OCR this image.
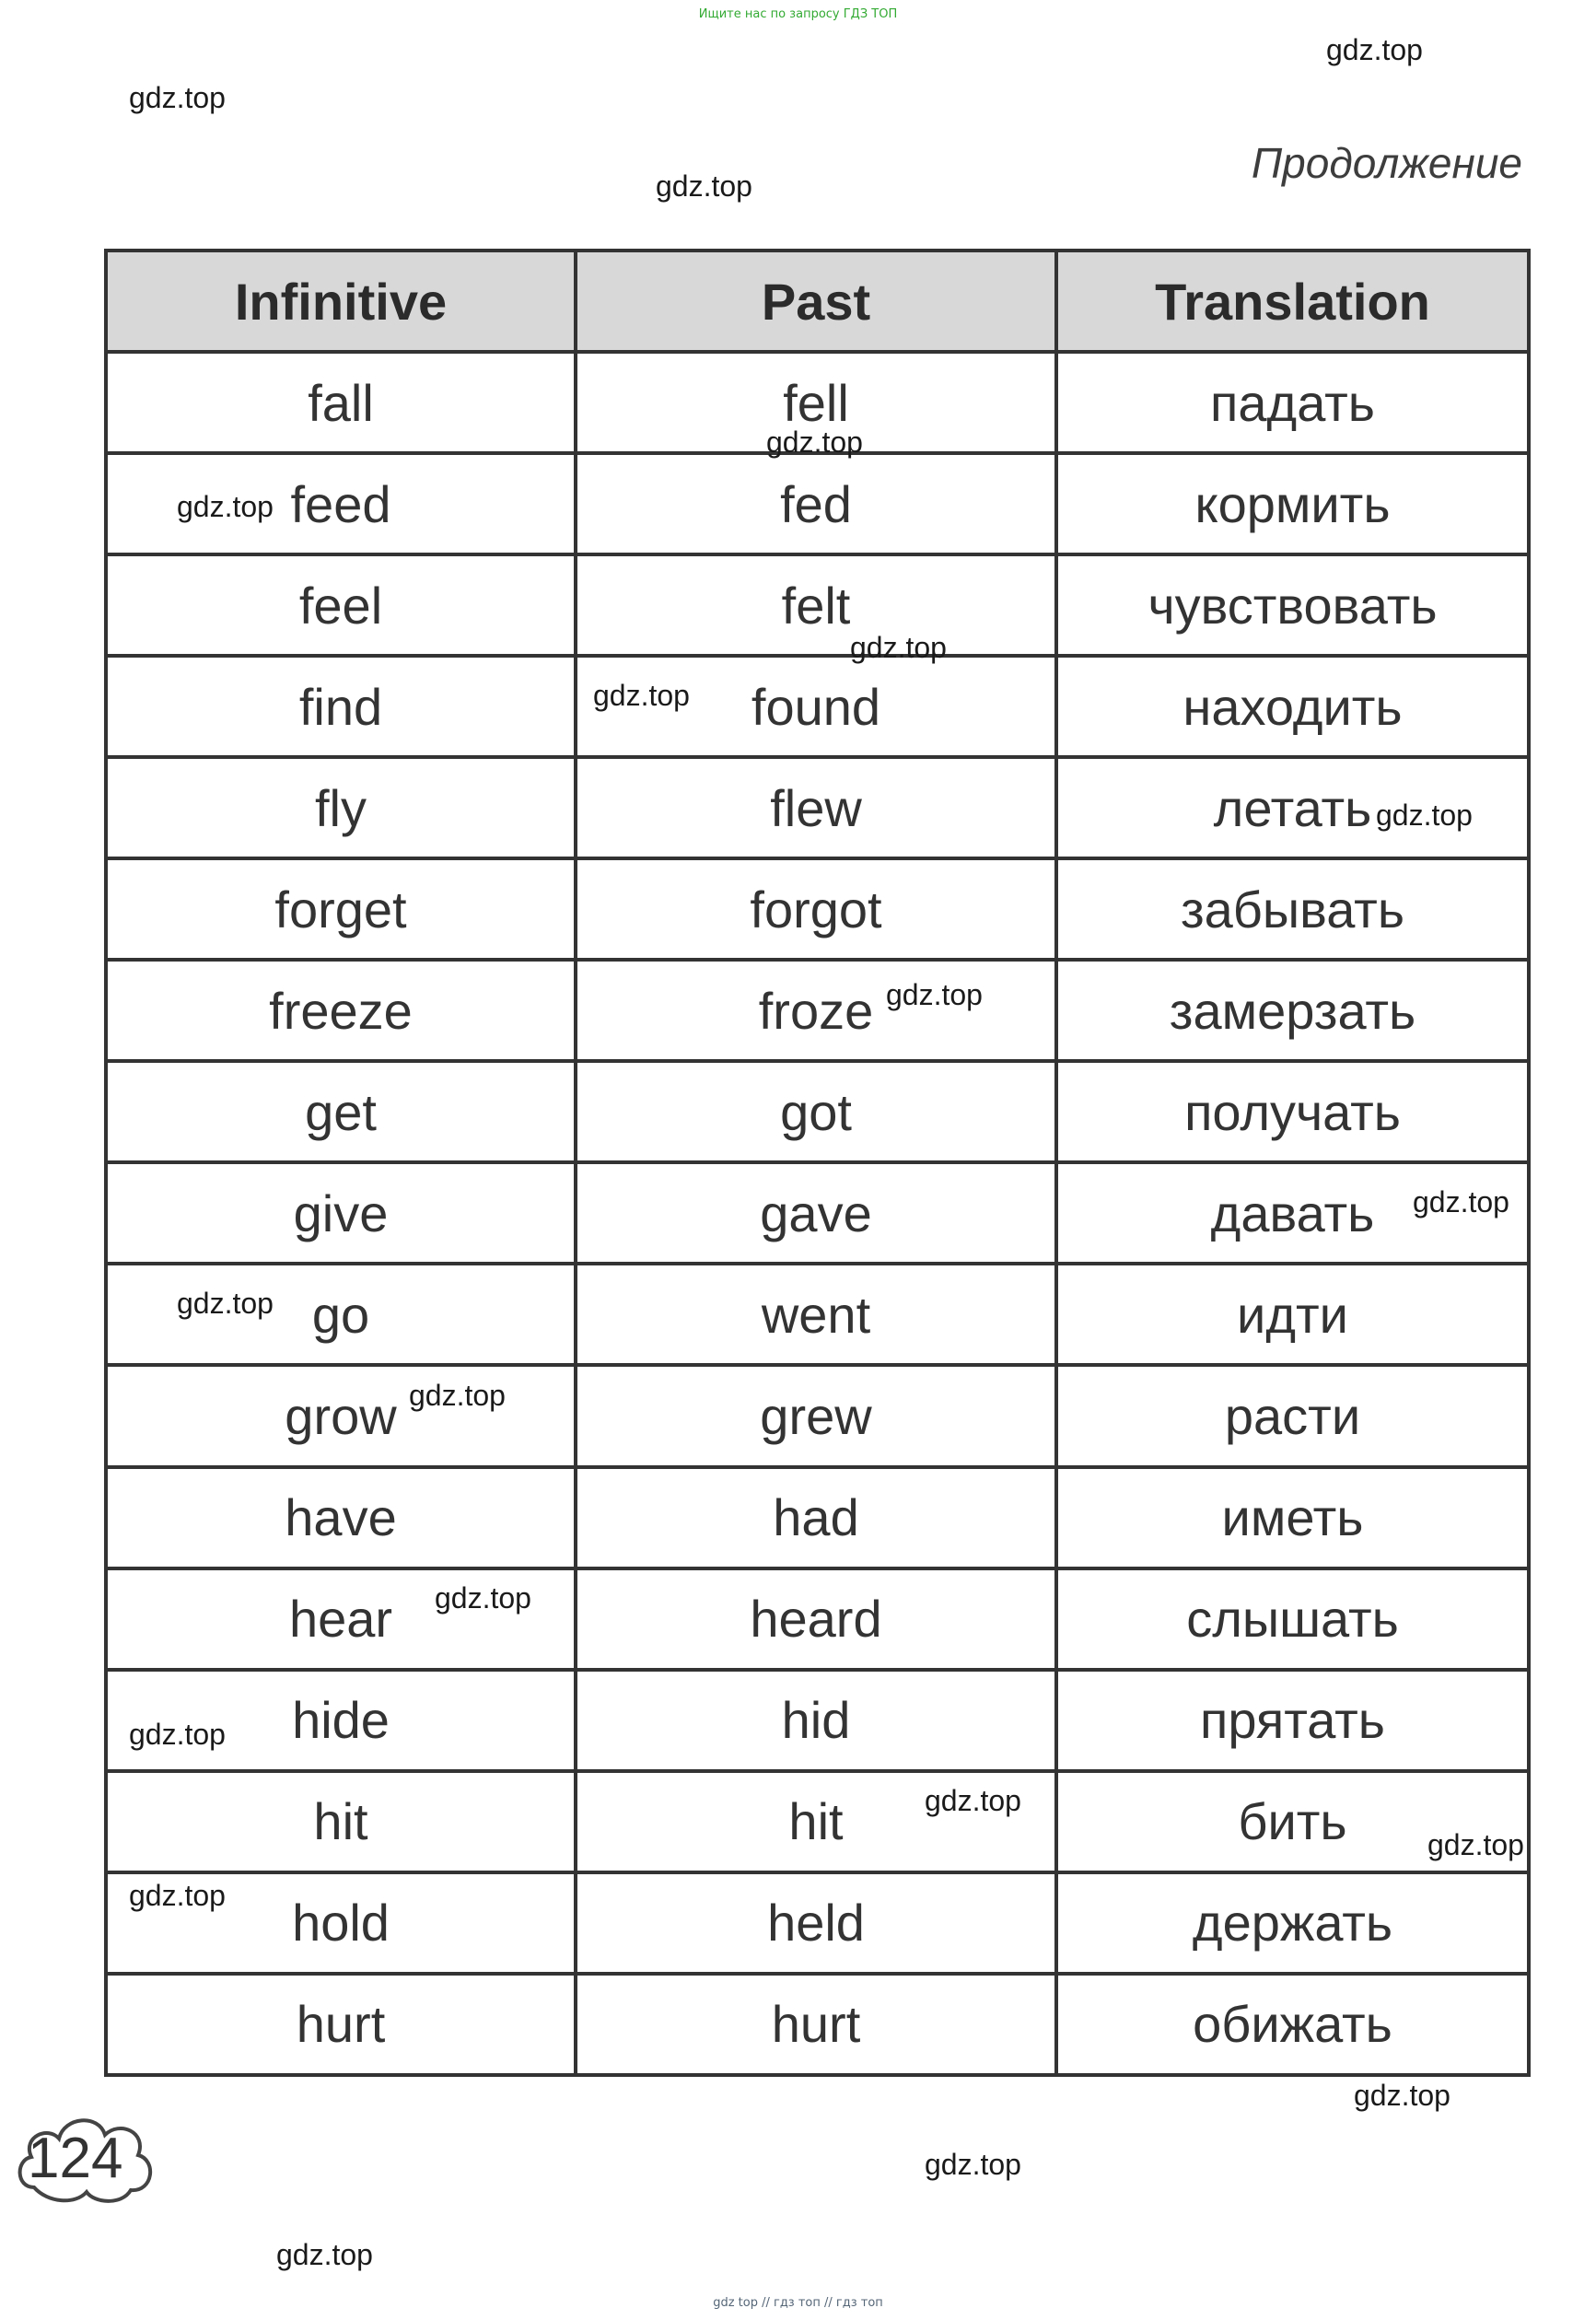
Ищите нас по запросу ГДЗ ТОП
Продолжение
Infinitive	Past	Translation
fall	fell	падать
feed	fed	кормить
feel	felt	чувствовать
find	found	находить
fly	flew	летать
forget	forgot	забывать
freeze	froze	замерзать
get	got	получать
give	gave	давать
go	went	идти
grow	grew	расти
have	had	иметь
hear	heard	слышать
hide	hid	прятать
hit	hit	бить
hold	held	держать
hurt	hurt	обижать
124
gdz.top
gdz.top
gdz.top
gdz.top
gdz.top
gdz.top
gdz.top
gdz.top
gdz.top
gdz.top
gdz.top
gdz.top
gdz.top
gdz.top
gdz.top
gdz.top
gdz.top
gdz.top
gdz.top
gdz.top
gdz top // гдз топ // гдз топ
